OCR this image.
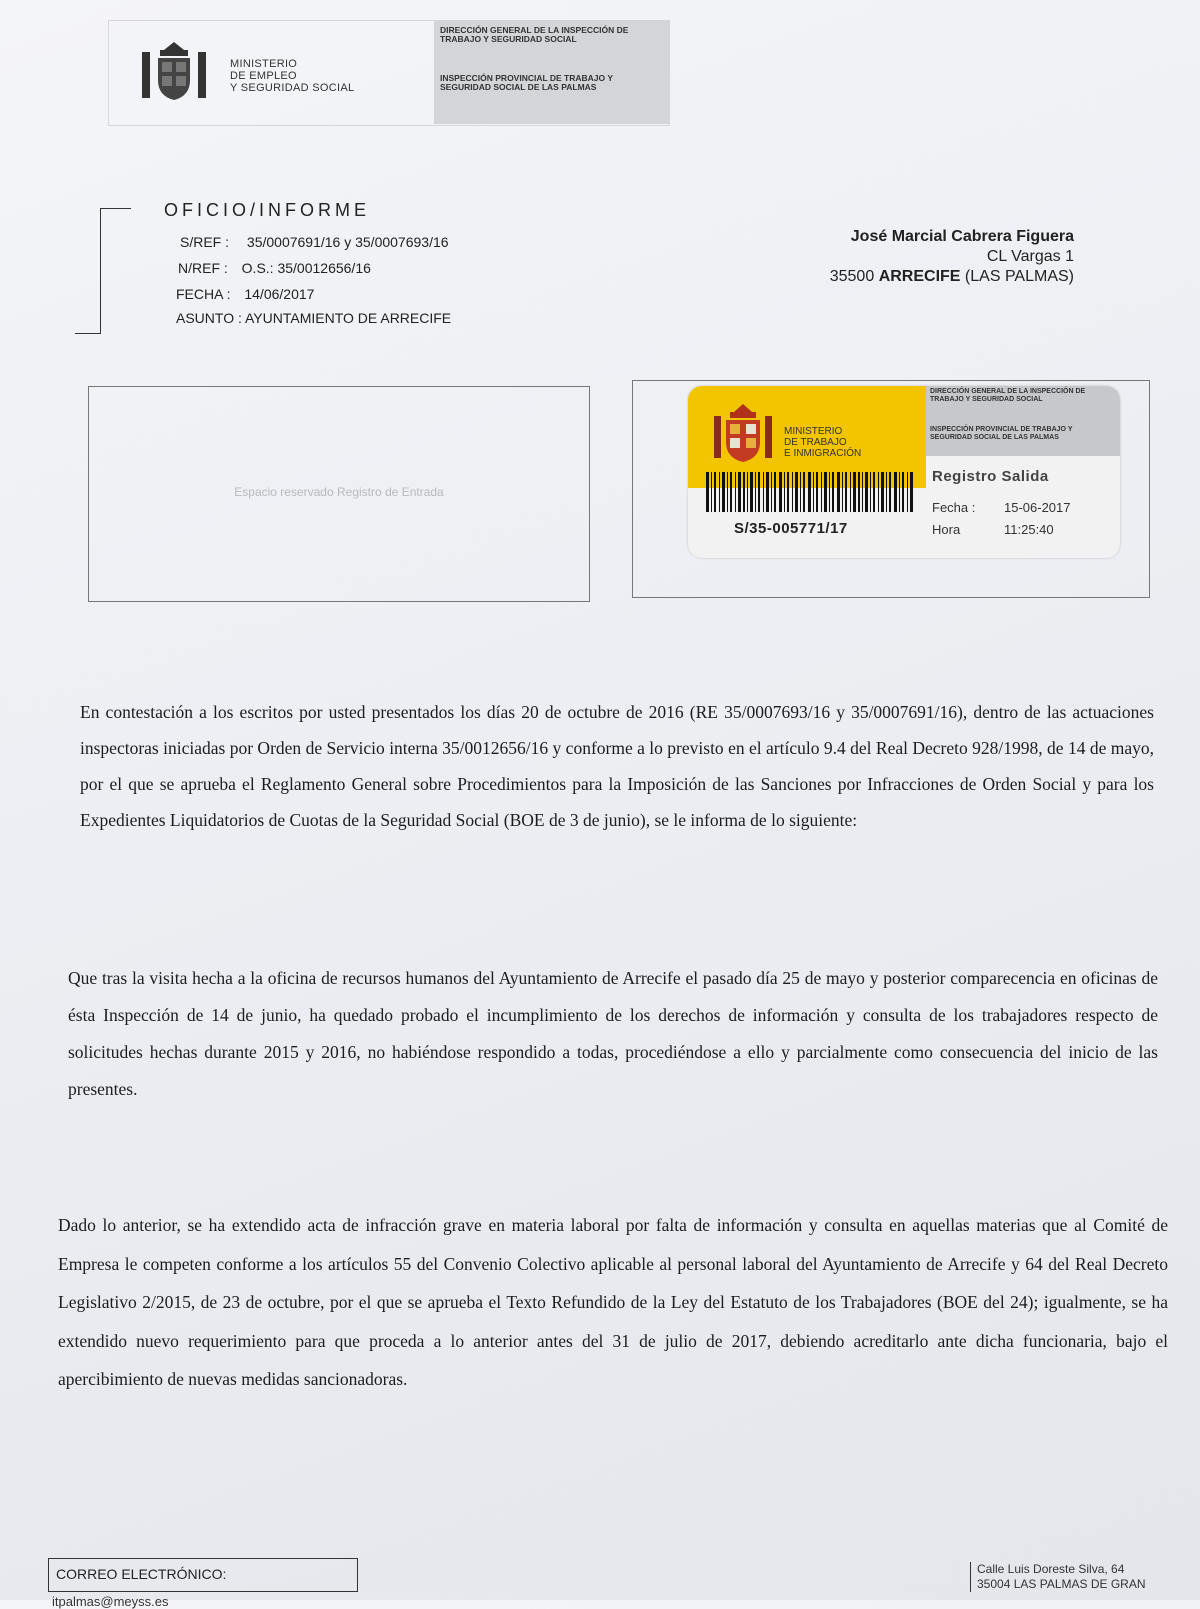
MINISTERIO
DE EMPLEO
Y SEGURIDAD SOCIAL
DIRECCIÓN GENERAL DE LA INSPECCIÓN DE TRABAJO Y SEGURIDAD SOCIAL
INSPECCIÓN PROVINCIAL DE TRABAJO Y SEGURIDAD SOCIAL DE LAS PALMAS
OFICIO/INFORME
S/REF : 35/0007691/16 y 35/0007693/16
N/REF : O.S.: 35/0012656/16
FECHA : 14/06/2017
ASUNTO : AYUNTAMIENTO DE ARRECIFE
José Marcial Cabrera Figuera
CL Vargas 1
35500 ARRECIFE (LAS PALMAS)
Espacio reservado Registro de Entrada
MINISTERIO
DE TRABAJO
E INMIGRACIÓN
DIRECCIÓN GENERAL DE LA INSPECCIÓN DE TRABAJO Y SEGURIDAD SOCIAL
INSPECCIÓN PROVINCIAL DE TRABAJO Y SEGURIDAD SOCIAL DE LAS PALMAS
Registro Salida
Fecha : 15-06-2017
Hora	11:25:40
S/35-005771/17
En contestación a los escritos por usted presentados los días 20 de octubre de 2016 (RE 35/0007693/16 y 35/0007691/16), dentro de las actuaciones inspectoras iniciadas por Orden de Servicio interna 35/0012656/16 y conforme a lo previsto en el artículo 9.4 del Real Decreto 928/1998, de 14 de mayo, por el que se aprueba el Reglamento General sobre Procedimientos para la Imposición de las Sanciones por Infracciones de Orden Social y para los Expedientes Liquidatorios de Cuotas de la Seguridad Social (BOE de 3 de junio), se le informa de lo siguiente:
Que tras la visita hecha a la oficina de recursos humanos del Ayuntamiento de Arrecife el pasado día 25 de mayo y posterior comparecencia en oficinas de ésta Inspección de 14 de junio, ha quedado probado el incumplimiento de los derechos de información y consulta de los trabajadores respecto de solicitudes hechas durante 2015 y 2016, no habiéndose respondido a todas, procediéndose a ello y parcialmente como consecuencia del inicio de las presentes.
Dado lo anterior, se ha extendido acta de infracción grave en materia laboral por falta de información y consulta en aquellas materias que al Comité de Empresa le competen conforme a los artículos 55 del Convenio Colectivo aplicable al personal laboral del Ayuntamiento de Arrecife y 64 del Real Decreto Legislativo 2/2015, de 23 de octubre, por el que se aprueba el Texto Refundido de la Ley del Estatuto de los Trabajadores (BOE del 24); igualmente, se ha extendido nuevo requerimiento para que proceda a lo anterior antes del 31 de julio de 2017, debiendo acreditarlo ante dicha funcionaria, bajo el apercibimiento de nuevas medidas sancionadoras.
CORREO ELECTRÓNICO:
itpalmas@meyss.es
Calle Luis Doreste Silva, 64
35004 LAS PALMAS DE GRAN
